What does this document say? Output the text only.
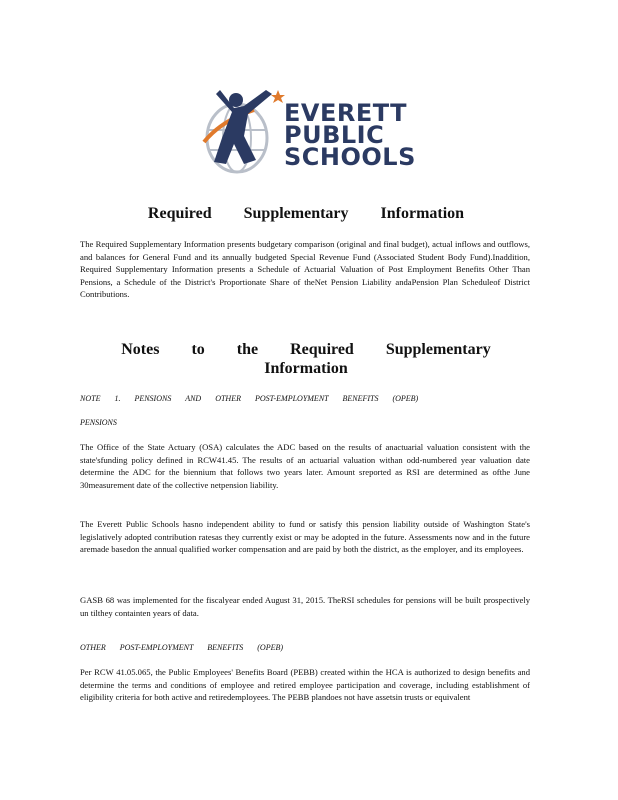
EVERETT
PUBLIC
SCHOOLS
Required Supplementary Information

The Required Supplementary Information presents budgetary comparison (original and final budget), actual inflows and outflows, and balances for General Fund and its annually budgeted Special Revenue Fund (Associated Student Body Fund).Inaddition, Required Supplementary Information presents a Schedule of Actuarial Valuation of Post Employment Benefits Other Than Pensions, a Schedule of the District's Proportionate Share of theNet Pension Liability andaPension Plan Scheduleof District Contributions.

Notes to the Required Supplementary Information

NOTE 1. PENSIONS AND OTHER POST-EMPLOYMENT BENEFITS (OPEB)

PENSIONS

The Office of the State Actuary (OSA) calculates the ADC based on the results of anactuarial valuation consistent with the state'sfunding policy defined in RCW41.45. The results of an actuarial valuation withan odd-numbered year valuation date determine the ADC for the biennium that follows two years later. Amount sreported as RSI are determined as ofthe June 30measurement date of the collective netpension liability.

The Everett Public Schools hasno independent ability to fund or satisfy this pension liability outside of Washington State's legislatively adopted contribution ratesas they currently exist or may be adopted in the future. Assessments now and in the future aremade basedon the annual qualified worker compensation and are paid by both the district, as the employer, and its employees.

GASB 68 was implemented for the fiscalyear ended August 31, 2015. TheRSI schedules for pensions will be built prospectively un tilthey containten years of data.

OTHER POST-EMPLOYMENT BENEFITS (OPEB)

Per RCW 41.05.065, the Public Employees' Benefits Board (PEBB) created within the HCA is authorized to design benefits and determine the terms and conditions of employee and retired employee participation and coverage, including establishment of eligibility criteria for both active and retiredemployees. The PEBB plandoes not have assetsin trusts or equivalent
